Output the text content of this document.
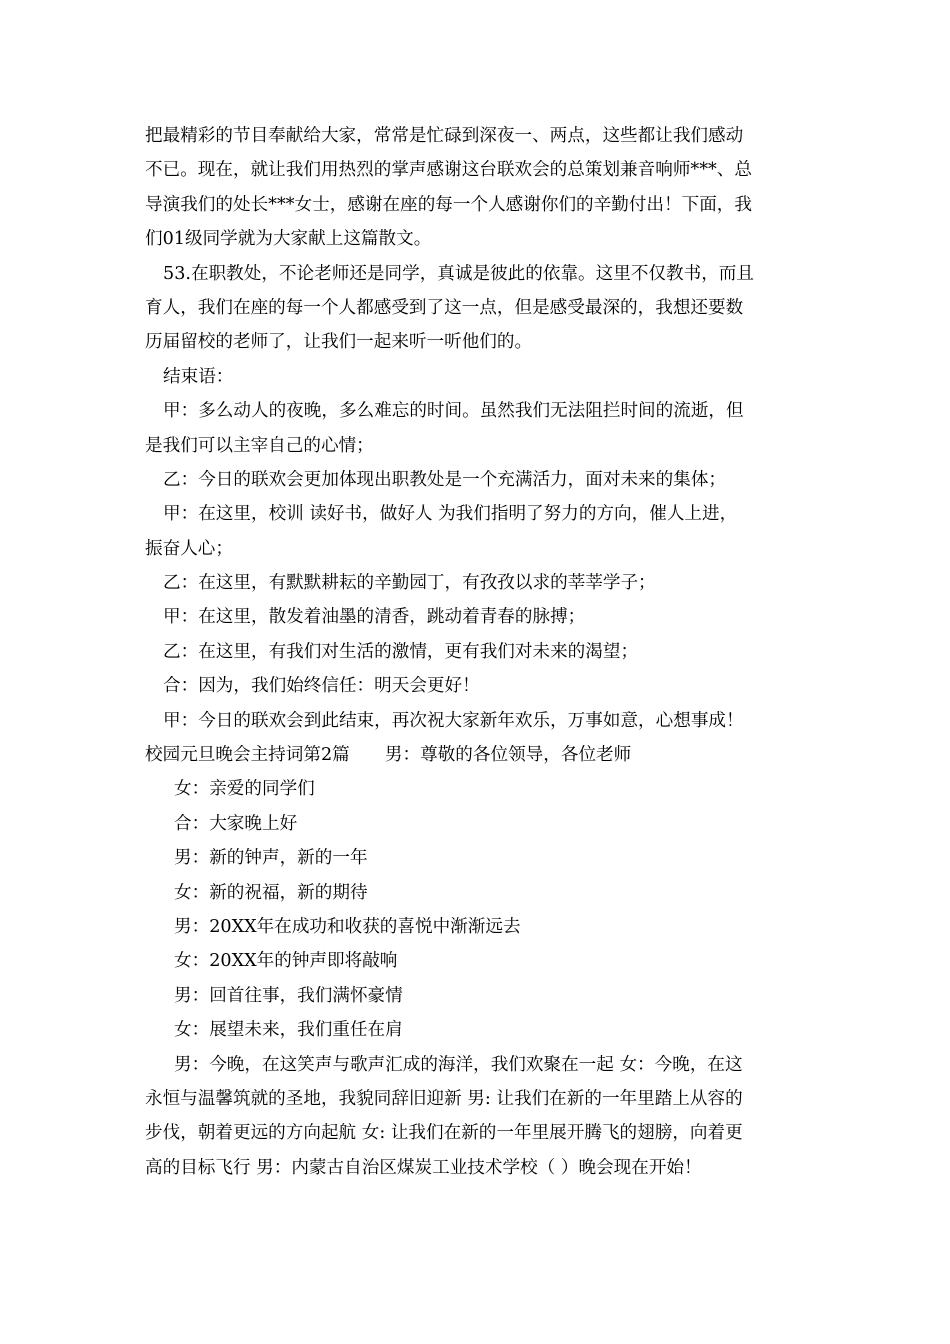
把最精彩的节目奉献给大家，常常是忙碌到深夜一、两点，这些都让我们感动
不已。现在，就让我们用热烈的掌声感谢这台联欢会的总策划兼音响师***、总
导演我们的处长***女士，感谢在座的每一个人感谢你们的辛勤付出！下面，我
们01级同学就为大家献上这篇散文。
53.在职教处，不论老师还是同学，真诚是彼此的依靠。这里不仅教书，而且
育人，我们在座的每一个人都感受到了这一点，但是感受最深的，我想还要数
历届留校的老师了，让我们一起来听一听他们的。
结束语：
甲：多么动人的夜晚，多么难忘的时间。虽然我们无法阻拦时间的流逝，但
是我们可以主宰自己的心情；
乙：今日的联欢会更加体现出职教处是一个充满活力，面对未来的集体；
甲：在这里，校训 读好书，做好人 为我们指明了努力的方向，催人上进，
振奋人心；
乙：在这里，有默默耕耘的辛勤园丁，有孜孜以求的莘莘学子；
甲：在这里，散发着油墨的清香，跳动着青春的脉搏；
乙：在这里，有我们对生活的激情，更有我们对未来的渴望；
合：因为，我们始终信任：明天会更好！
甲：今日的联欢会到此结束，再次祝大家新年欢乐，万事如意，心想事成！
校园元旦晚会主持词第2篇　　男：尊敬的各位领导，各位老师
女：亲爱的同学们
合：大家晚上好
男：新的钟声，新的一年
女：新的祝福，新的期待
男：20XX年在成功和收获的喜悦中渐渐远去
女：20XX年的钟声即将敲响
男：回首往事，我们满怀豪情
女：展望未来，我们重任在肩
男：今晚，在这笑声与歌声汇成的海洋，我们欢聚在一起 女：今晚，在这
永恒与温馨筑就的圣地，我貌同辞旧迎新 男: 让我们在新的一年里踏上从容的
步伐，朝着更远的方向起航 女: 让我们在新的一年里展开腾飞的翅膀，向着更
高的目标飞行 男：内蒙古自治区煤炭工业技术学校（ ）晚会现在开始！
